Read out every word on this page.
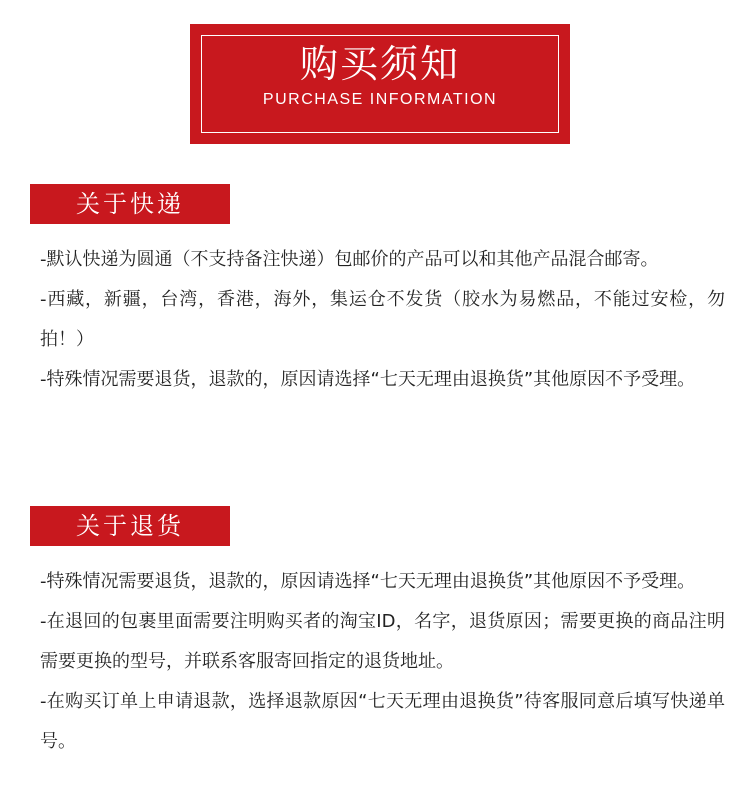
购买须知
PURCHASE INFORMATION
关于快递

-默认快递为圆通（不支持备注快递）包邮价的产品可以和其他产品混合邮寄。

-西藏，新疆，台湾，香港，海外，集运仓不发货（胶水为易燃品，不能过安检，勿拍！）

-特殊情况需要退货，退款的，原因请选择“七天无理由退换货”其他原因不予受理。

关于退货

-特殊情况需要退货，退款的，原因请选择“七天无理由退换货”其他原因不予受理。

-在退回的包裹里面需要注明购买者的淘宝ID，名字，退货原因；需要更换的商品注明需要更换的型号，并联系客服寄回指定的退货地址。

-在购买订单上申请退款，选择退款原因“七天无理由退换货”待客服同意后填写快递单号。
